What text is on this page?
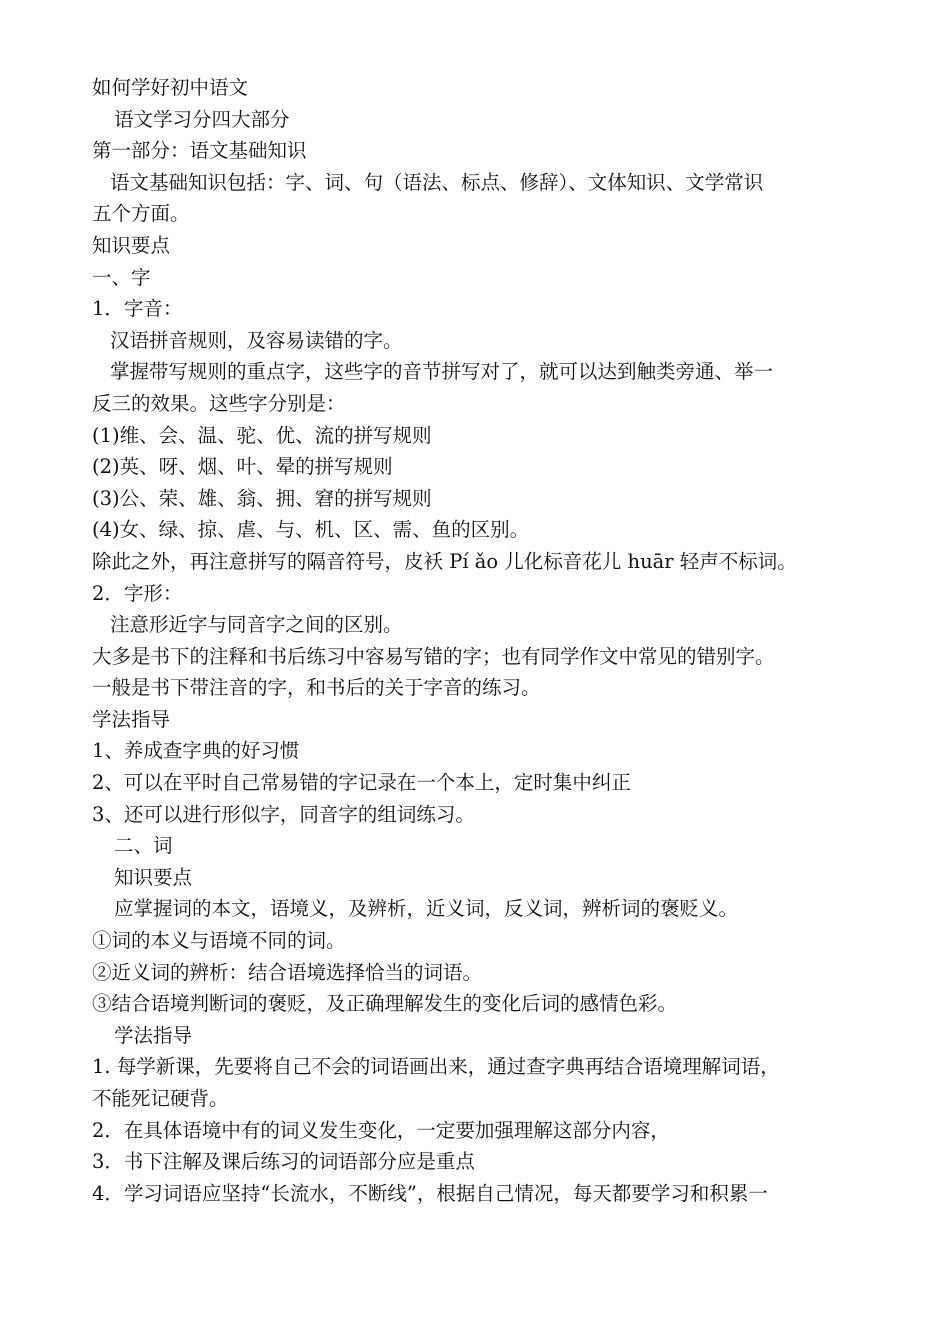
如何学好初中语文
语文学习分四大部分
第一部分：语文基础知识
语文基础知识包括：字、词、句（语法、标点、修辞）、文体知识、文学常识
五个方面。
知识要点
一、字
1．字音：
汉语拼音规则，及容易读错的字。
掌握带写规则的重点字，这些字的音节拼写对了，就可以达到触类旁通、举一
反三的效果。这些字分别是：
(1)维、会、温、驼、优、流的拼写规则
(2)英、呀、烟、叶、晕的拼写规则
(3)公、荣、雄、翁、拥、窘的拼写规则
(4)女、绿、掠、虐、与、机、区、需、鱼的区别。
除此之外，再注意拼写的隔音符号，皮袄 Pí ǎo 儿化标音花儿 huār 轻声不标词。
2．字形：
注意形近字与同音字之间的区别。
大多是书下的注释和书后练习中容易写错的字；也有同学作文中常见的错别字。
一般是书下带注音的字，和书后的关于字音的练习。
学法指导
1、养成查字典的好习惯
2、可以在平时自己常易错的字记录在一个本上，定时集中纠正
3、还可以进行形似字，同音字的组词练习。
二、词
知识要点
应掌握词的本文，语境义，及辨析，近义词，反义词，辨析词的褒贬义。
①词的本义与语境不同的词。
②近义词的辨析：结合语境选择恰当的词语。
③结合语境判断词的褒贬，及正确理解发生的变化后词的感情色彩。
学法指导
1. 每学新课，先要将自己不会的词语画出来，通过查字典再结合语境理解词语，
不能死记硬背。
2．在具体语境中有的词义发生变化，一定要加强理解这部分内容，
3．书下注解及课后练习的词语部分应是重点
4．学习词语应坚持“长流水，不断线”，根据自己情况，每天都要学习和积累一
